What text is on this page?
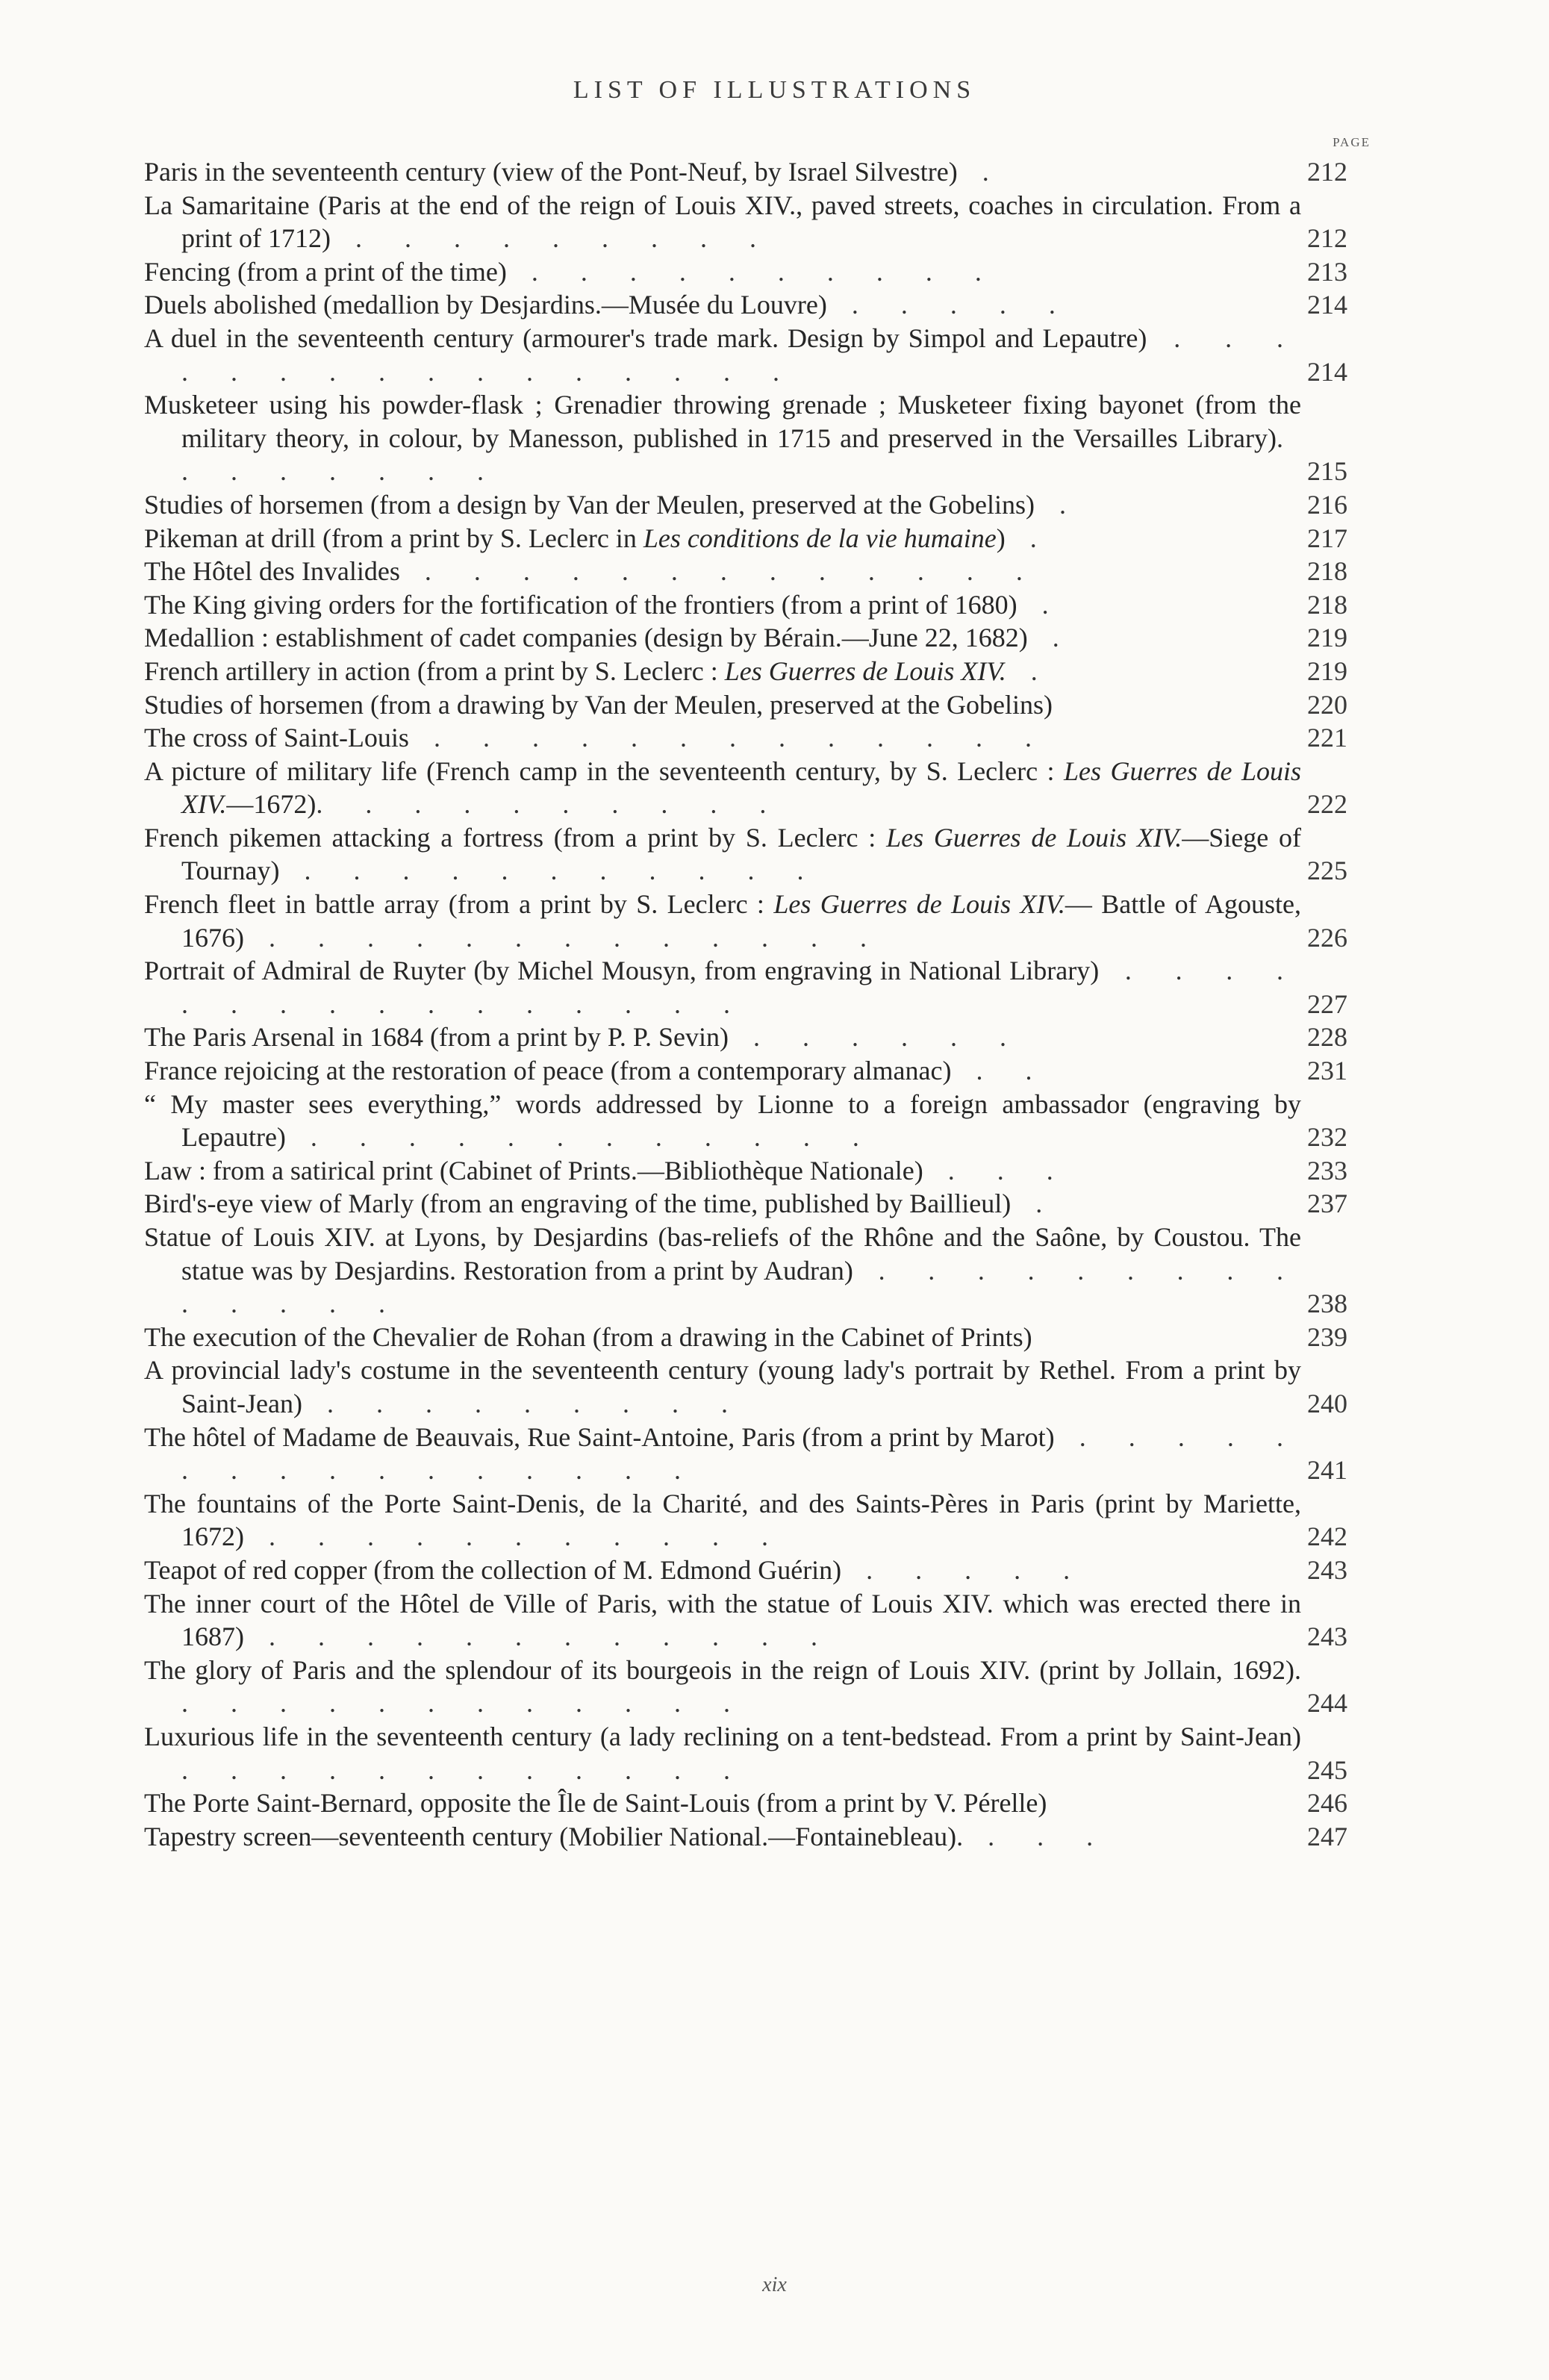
LIST OF ILLUSTRATIONS
PAGE
Paris in the seventeenth century (view of the Pont-Neuf, by Israel Silvestre) .	212
La Samaritaine (Paris at the end of the reign of Louis XIV., paved streets, coaches in circulation. From a print of 1712) . . . . . . . . .	212
Fencing (from a print of the time) . . . . . . . . . .	213
Duels abolished (medallion by Desjardins.—Musée du Louvre) . . . . .	214
A duel in the seventeenth century (armourer's trade mark. Design by Simpol and Lepautre) . . . . . . . . . . . . . . . .	214
Musketeer using his powder-flask ; Grenadier throwing grenade ; Musketeer fixing bayonet (from the military theory, in colour, by Manesson, published in 1715 and preserved in the Versailles Library). . . . . . . .	215
Studies of horsemen (from a design by Van der Meulen, preserved at the Gobelins) .	216
Pikeman at drill (from a print by S. Leclerc in Les conditions de la vie humaine) .	217
The Hôtel des Invalides . . . . . . . . . . . . .	218
The King giving orders for the fortification of the frontiers (from a print of 1680) .	218
Medallion : establishment of cadet companies (design by Bérain.—June 22, 1682) .	219
French artillery in action (from a print by S. Leclerc : Les Guerres de Louis XIV. .	219
Studies of horsemen (from a drawing by Van der Meulen, preserved at the Gobelins)	220
The cross of Saint-Louis . . . . . . . . . . . . .	221
A picture of military life (French camp in the seventeenth century, by S. Leclerc : Les Guerres de Louis XIV.—1672). . . . . . . . . .	222
French pikemen attacking a fortress (from a print by S. Leclerc : Les Guerres de Louis XIV.—Siege of Tournay) . . . . . . . . . . .	225
French fleet in battle array (from a print by S. Leclerc : Les Guerres de Louis XIV.— Battle of Agouste, 1676) . . . . . . . . . . . . .	226
Portrait of Admiral de Ruyter (by Michel Mousyn, from engraving in National Library) . . . . . . . . . . . . . . . .	227
The Paris Arsenal in 1684 (from a print by P. P. Sevin) . . . . . .	228
France rejoicing at the restoration of peace (from a contemporary almanac) . .	231
“ My master sees everything,” words addressed by Lionne to a foreign ambassador (engraving by Lepautre) . . . . . . . . . . . .	232
Law : from a satirical print (Cabinet of Prints.—Bibliothèque Nationale) . . .	233
Bird's-eye view of Marly (from an engraving of the time, published by Baillieul) .	237
Statue of Louis XIV. at Lyons, by Desjardins (bas-reliefs of the Rhône and the Saône, by Coustou. The statue was by Desjardins. Restoration from a print by Audran) . . . . . . . . . . . . . .	238
The execution of the Chevalier de Rohan (from a drawing in the Cabinet of Prints)	239
A provincial lady's costume in the seventeenth century (young lady's portrait by Rethel. From a print by Saint-Jean) . . . . . . . . .	240
The hôtel of Madame de Beauvais, Rue Saint-Antoine, Paris (from a print by Marot) . . . . . . . . . . . . . . . .	241
The fountains of the Porte Saint-Denis, de la Charité, and des Saints-Pères in Paris (print by Mariette, 1672) . . . . . . . . . . .	242
Teapot of red copper (from the collection of M. Edmond Guérin) . . . . .	243
The inner court of the Hôtel de Ville of Paris, with the statue of Louis XIV. which was erected there in 1687) . . . . . . . . . . . .	243
The glory of Paris and the splendour of its bourgeois in the reign of Louis XIV. (print by Jollain, 1692). . . . . . . . . . . . .	244
Luxurious life in the seventeenth century (a lady reclining on a tent-bedstead. From a print by Saint-Jean) . . . . . . . . . . . .	245
The Porte Saint-Bernard, opposite the Île de Saint-Louis (from a print by V. Pérelle)	246
Tapestry screen—seventeenth century (Mobilier National.—Fontainebleau). . . .	247
xix
